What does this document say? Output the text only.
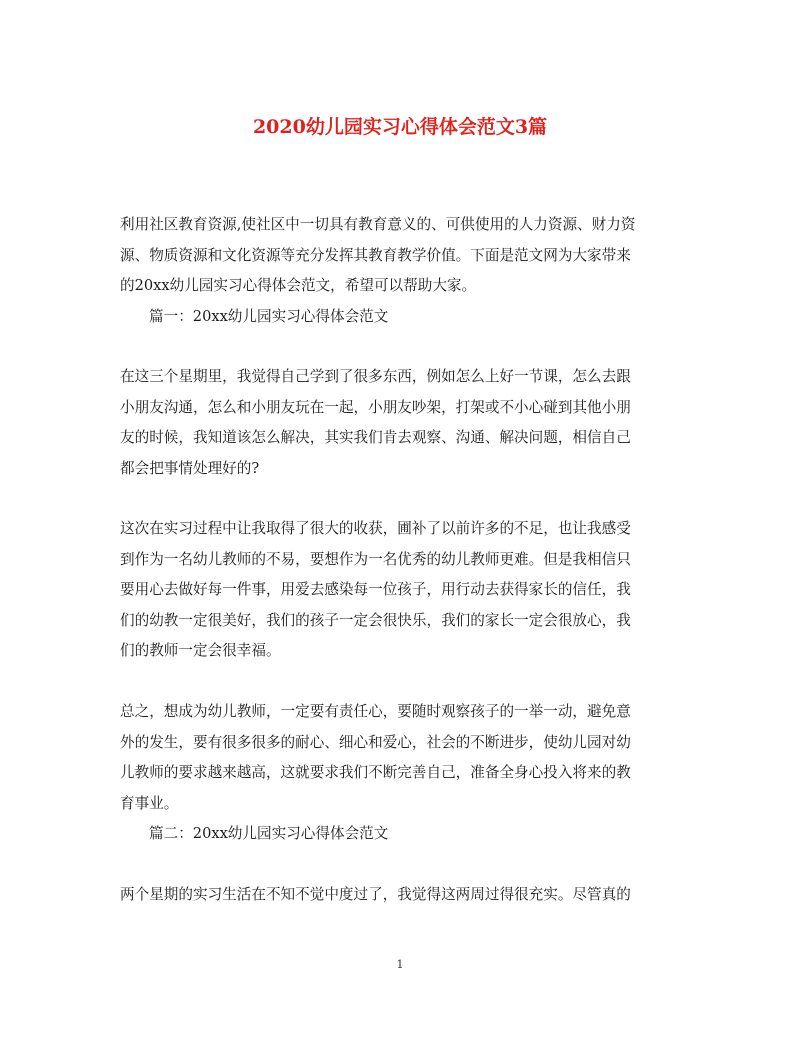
2020幼儿园实习心得体会范文3篇
利用社区教育资源,使社区中一切具有教育意义的、可供使用的人力资源、财力资
源、物质资源和文化资源等充分发挥其教育教学价值。下面是范文网为大家带来
的20xx幼儿园实习心得体会范文，希望可以帮助大家。
篇一：20xx幼儿园实习心得体会范文
在这三个星期里，我觉得自己学到了很多东西，例如怎么上好一节课，怎么去跟
小朋友沟通，怎么和小朋友玩在一起，小朋友吵架，打架或不小心碰到其他小朋
友的时候，我知道该怎么解决，其实我们肯去观察、沟通、解决问题，相信自己
都会把事情处理好的?
这次在实习过程中让我取得了很大的收获，圃补了以前许多的不足，也让我感受
到作为一名幼儿教师的不易，要想作为一名优秀的幼儿教师更难。但是我相信只
要用心去做好每一件事，用爱去感染每一位孩子，用行动去获得家长的信任，我
们的幼教一定很美好，我们的孩子一定会很快乐，我们的家长一定会很放心，我
们的教师一定会很幸福。
总之，想成为幼儿教师，一定要有责任心，要随时观察孩子的一举一动，避免意
外的发生，要有很多很多的耐心、细心和爱心，社会的不断进步，使幼儿园对幼
儿教师的要求越来越高，这就要求我们不断完善自己，准备全身心投入将来的教
育事业。
篇二：20xx幼儿园实习心得体会范文
两个星期的实习生活在不知不觉中度过了，我觉得这两周过得很充实。尽管真的
1
